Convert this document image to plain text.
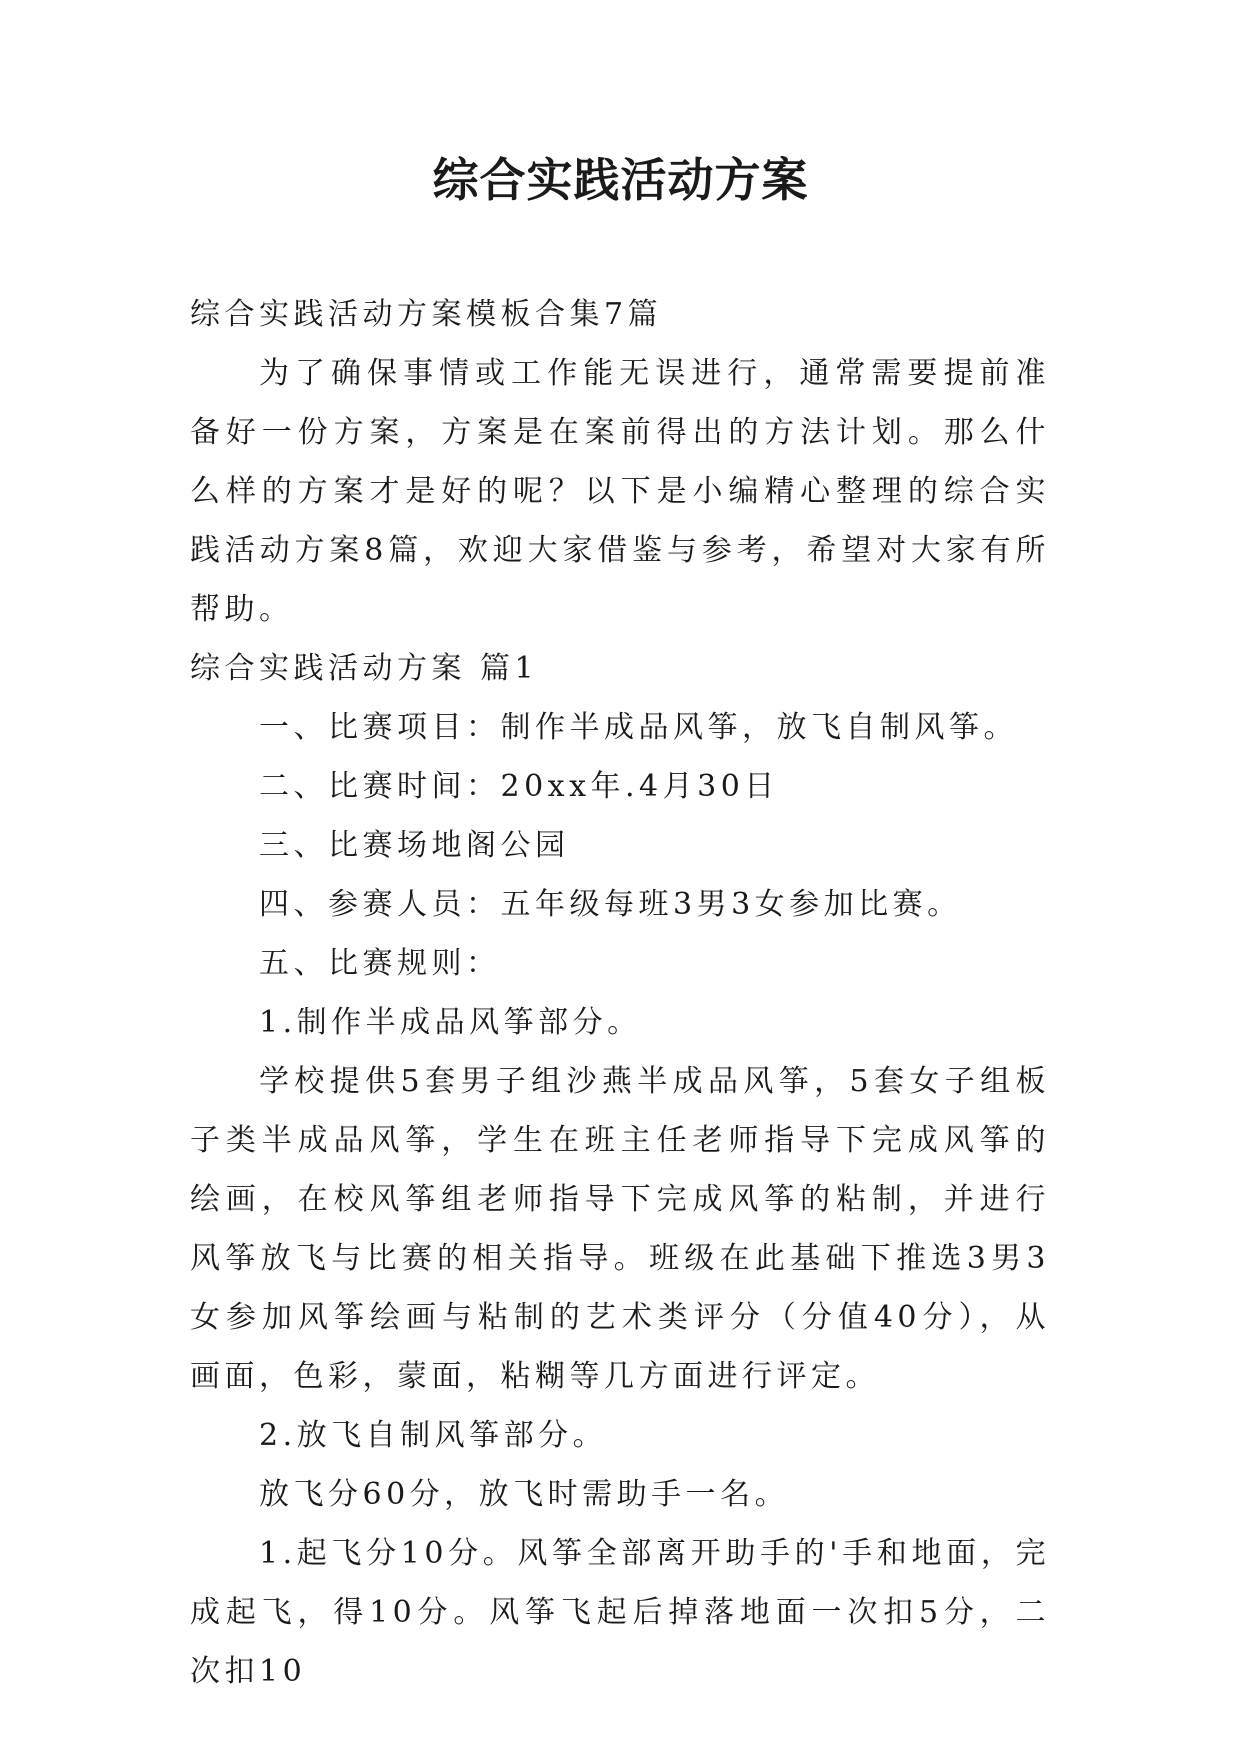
综合实践活动方案

综合实践活动方案模板合集7篇

为了确保事情或工作能无误进行，通常需要提前准备好一份方案，方案是在案前得出的方法计划。那么什么样的方案才是好的呢？以下是小编精心整理的综合实践活动方案8篇，欢迎大家借鉴与参考，希望对大家有所帮助。

综合实践活动方案 篇1

一、比赛项目：制作半成品风筝，放飞自制风筝。

二、比赛时间：20xx年.4月30日

三、比赛场地阁公园

四、参赛人员：五年级每班3男3女参加比赛。

五、比赛规则：

1.制作半成品风筝部分。

学校提供5套男子组沙燕半成品风筝，5套女子组板子类半成品风筝，学生在班主任老师指导下完成风筝的绘画，在校风筝组老师指导下完成风筝的粘制，并进行风筝放飞与比赛的相关指导。班级在此基础下推选3男3女参加风筝绘画与粘制的艺术类评分（分值40分），从画面，色彩，蒙面，粘糊等几方面进行评定。

2.放飞自制风筝部分。

放飞分60分，放飞时需助手一名。

1.起飞分10分。风筝全部离开助手的'手和地面，完成起飞，得10分。风筝飞起后掉落地面一次扣5分，二次扣10
